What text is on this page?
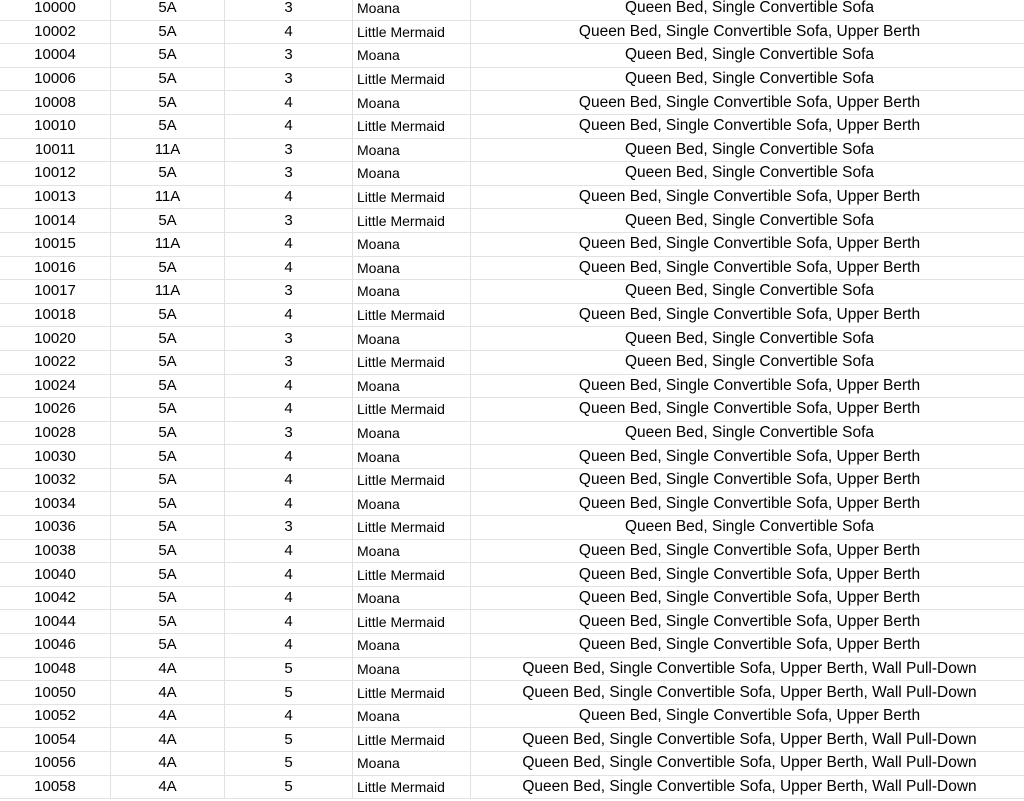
10000	5A	3	Moana	Queen Bed, Single Convertible Sofa
10002	5A	4	Little Mermaid	Queen Bed, Single Convertible Sofa, Upper Berth
10004	5A	3	Moana	Queen Bed, Single Convertible Sofa
10006	5A	3	Little Mermaid	Queen Bed, Single Convertible Sofa
10008	5A	4	Moana	Queen Bed, Single Convertible Sofa, Upper Berth
10010	5A	4	Little Mermaid	Queen Bed, Single Convertible Sofa, Upper Berth
10011	11A	3	Moana	Queen Bed, Single Convertible Sofa
10012	5A	3	Moana	Queen Bed, Single Convertible Sofa
10013	11A	4	Little Mermaid	Queen Bed, Single Convertible Sofa, Upper Berth
10014	5A	3	Little Mermaid	Queen Bed, Single Convertible Sofa
10015	11A	4	Moana	Queen Bed, Single Convertible Sofa, Upper Berth
10016	5A	4	Moana	Queen Bed, Single Convertible Sofa, Upper Berth
10017	11A	3	Moana	Queen Bed, Single Convertible Sofa
10018	5A	4	Little Mermaid	Queen Bed, Single Convertible Sofa, Upper Berth
10020	5A	3	Moana	Queen Bed, Single Convertible Sofa
10022	5A	3	Little Mermaid	Queen Bed, Single Convertible Sofa
10024	5A	4	Moana	Queen Bed, Single Convertible Sofa, Upper Berth
10026	5A	4	Little Mermaid	Queen Bed, Single Convertible Sofa, Upper Berth
10028	5A	3	Moana	Queen Bed, Single Convertible Sofa
10030	5A	4	Moana	Queen Bed, Single Convertible Sofa, Upper Berth
10032	5A	4	Little Mermaid	Queen Bed, Single Convertible Sofa, Upper Berth
10034	5A	4	Moana	Queen Bed, Single Convertible Sofa, Upper Berth
10036	5A	3	Little Mermaid	Queen Bed, Single Convertible Sofa
10038	5A	4	Moana	Queen Bed, Single Convertible Sofa, Upper Berth
10040	5A	4	Little Mermaid	Queen Bed, Single Convertible Sofa, Upper Berth
10042	5A	4	Moana	Queen Bed, Single Convertible Sofa, Upper Berth
10044	5A	4	Little Mermaid	Queen Bed, Single Convertible Sofa, Upper Berth
10046	5A	4	Moana	Queen Bed, Single Convertible Sofa, Upper Berth
10048	4A	5	Moana	Queen Bed, Single Convertible Sofa, Upper Berth, Wall Pull-Down
10050	4A	5	Little Mermaid	Queen Bed, Single Convertible Sofa, Upper Berth, Wall Pull-Down
10052	4A	4	Moana	Queen Bed, Single Convertible Sofa, Upper Berth
10054	4A	5	Little Mermaid	Queen Bed, Single Convertible Sofa, Upper Berth, Wall Pull-Down
10056	4A	5	Moana	Queen Bed, Single Convertible Sofa, Upper Berth, Wall Pull-Down
10058	4A	5	Little Mermaid	Queen Bed, Single Convertible Sofa, Upper Berth, Wall Pull-Down
